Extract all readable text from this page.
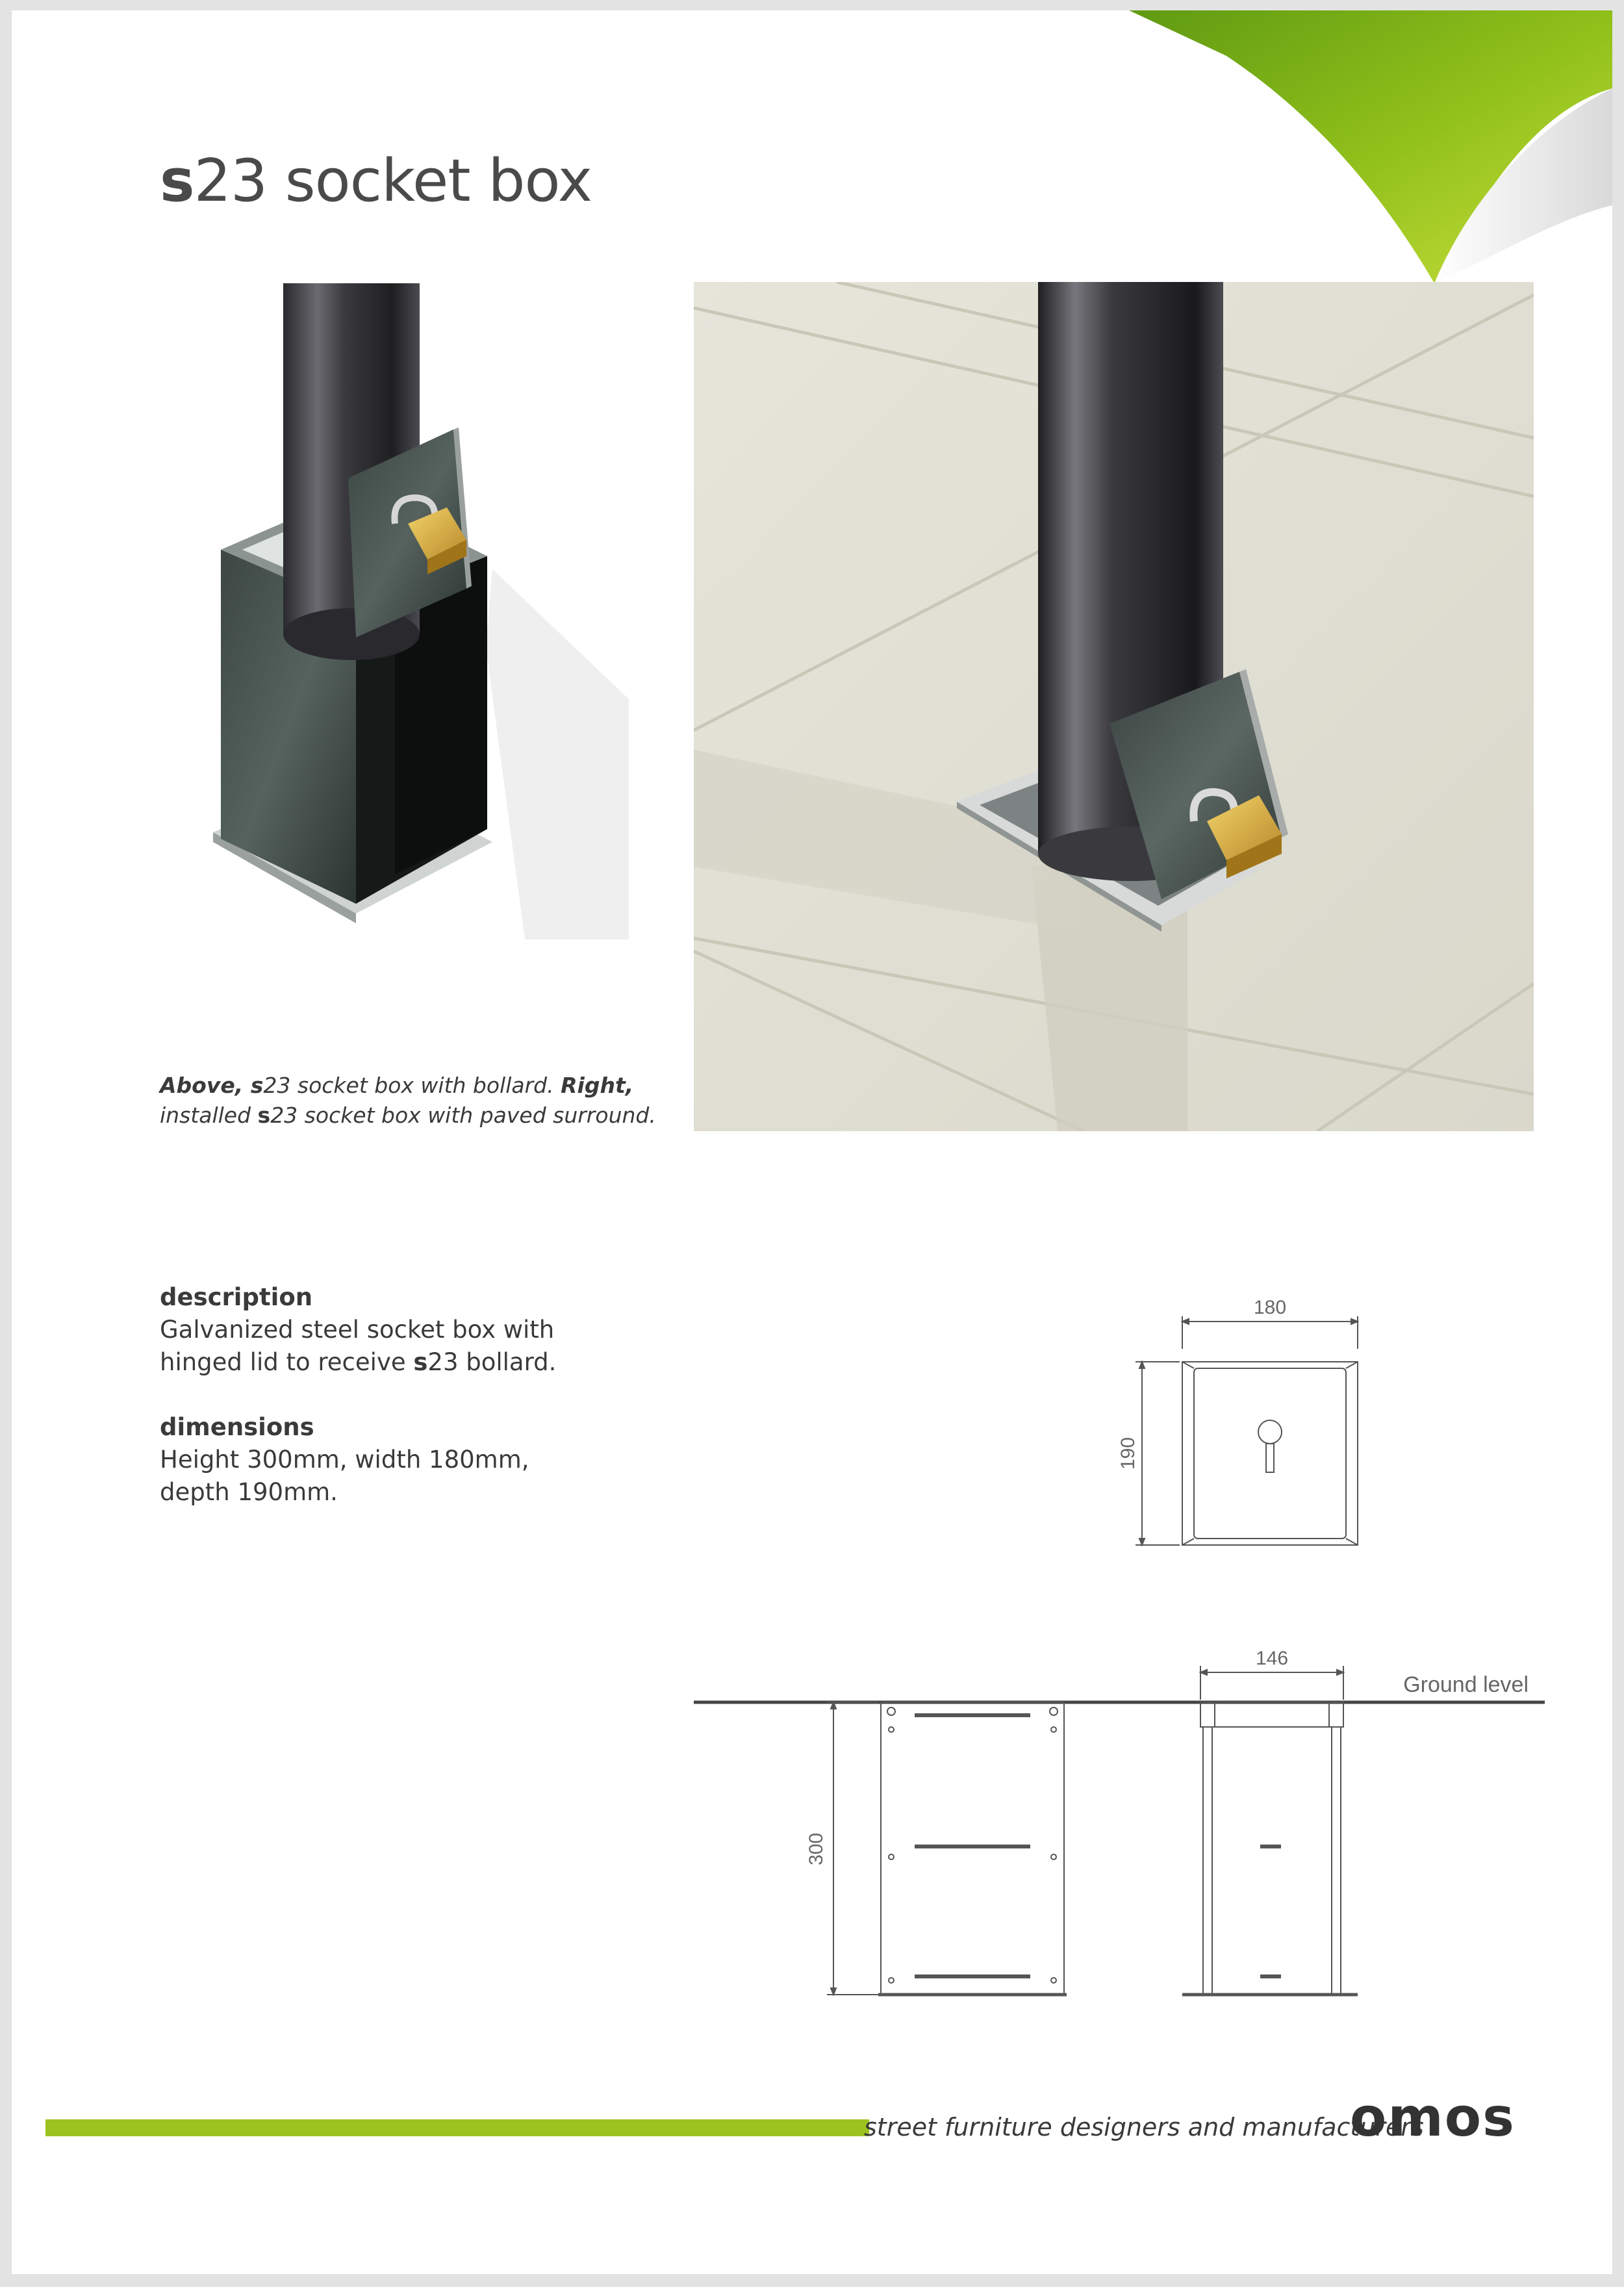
s23 socket box
Above, s23 socket box with bollard. Right,
installed s23 socket box with paved surround.
description

Galvanized steel socket box with

hinged lid to receive s23 bollard.

dimensions

Height 300mm, width 180mm,

depth 190mm.

180
190
Ground level
300
146
street furniture designers and manufacturers
omos
